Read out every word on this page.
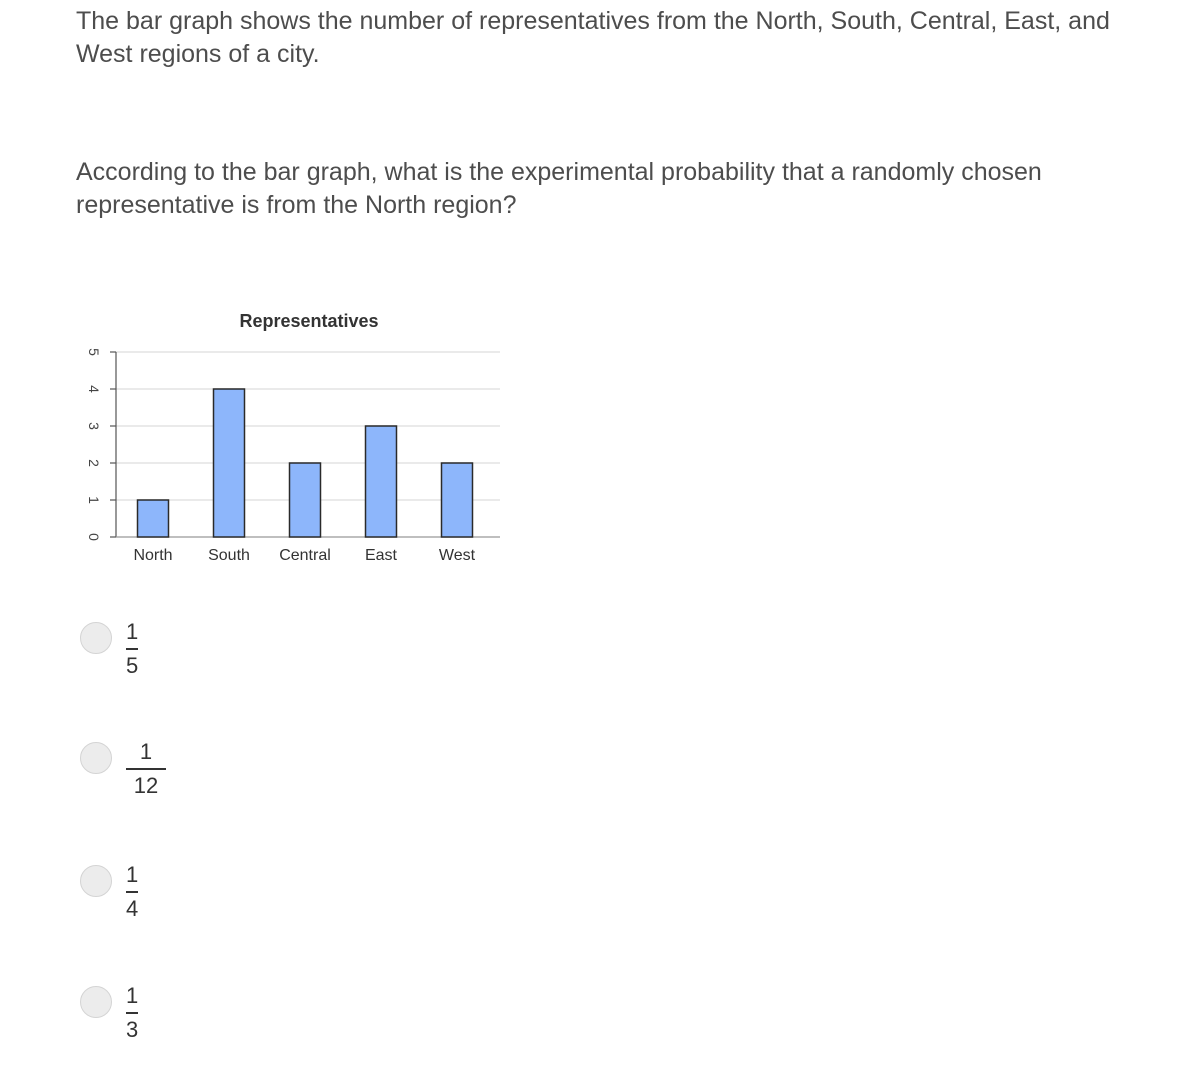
The bar graph shows the number of representatives from the North, South, Central, East, and West regions of a city.

According to the bar graph, what is the experimental probability that a randomly chosen representative is from the North region?

Representatives
0
1
2
3
4
5
North South Central East	West
1
5
1
12
1
4
1
3
